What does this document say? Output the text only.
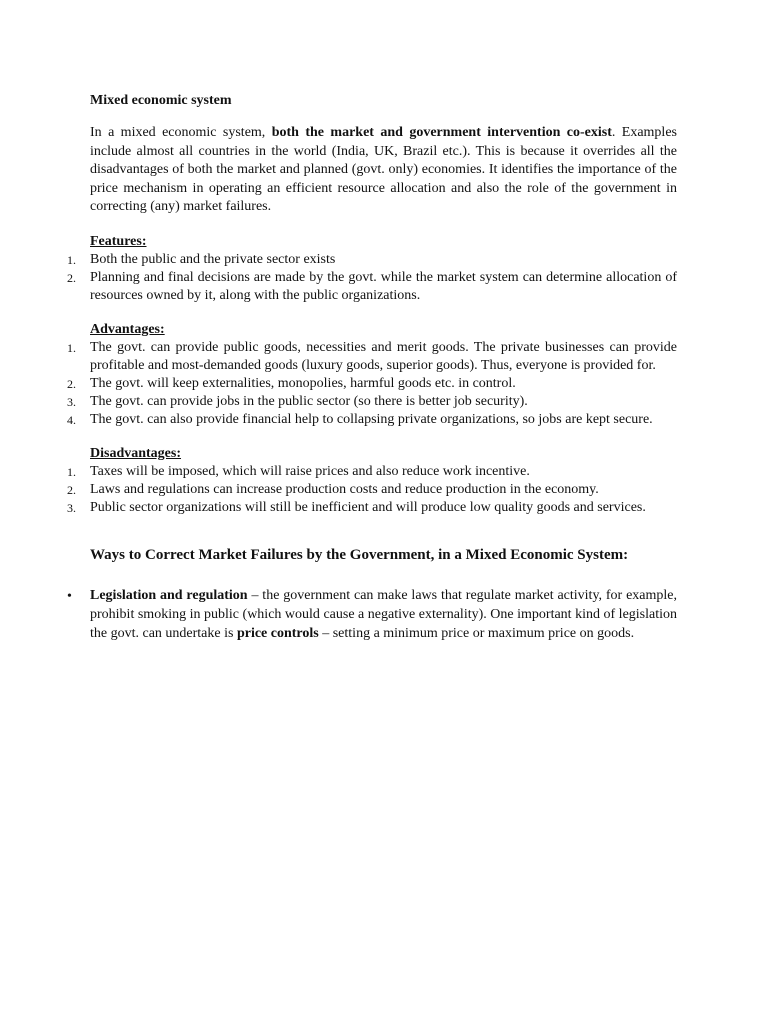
Mixed economic system

In a mixed economic system, both the market and government intervention co-exist. Examples include almost all countries in the world (India, UK, Brazil etc.). This is because it overrides all the disadvantages of both the market and planned (govt. only) economies. It identifies the importance of the price mechanism in operating an efficient resource allocation and also the role of the government in correcting (any) market failures.

Features:
1. Both the public and the private sector exists
2. Planning and final decisions are made by the govt. while the market system can determine allocation of resources owned by it, along with the public organizations.
Advantages:
1. The govt. can provide public goods, necessities and merit goods. The private businesses can provide profitable and most-demanded goods (luxury goods, superior goods). Thus, everyone is provided for.
2. The govt. will keep externalities, monopolies, harmful goods etc. in control.
3. The govt. can provide jobs in the public sector (so there is better job security).
4. The govt. can also provide financial help to collapsing private organizations, so jobs are kept secure.
Disadvantages:
1. Taxes will be imposed, which will raise prices and also reduce work incentive.
2. Laws and regulations can increase production costs and reduce production in the economy.
3. Public sector organizations will still be inefficient and will produce low quality goods and services.
Ways to Correct Market Failures by the Government, in a Mixed Economic System:
• Legislation and regulation – the government can make laws that regulate market activity, for example, prohibit smoking in public (which would cause a negative externality). One important kind of legislation the govt. can undertake is price controls – setting a minimum price or maximum price on goods.
